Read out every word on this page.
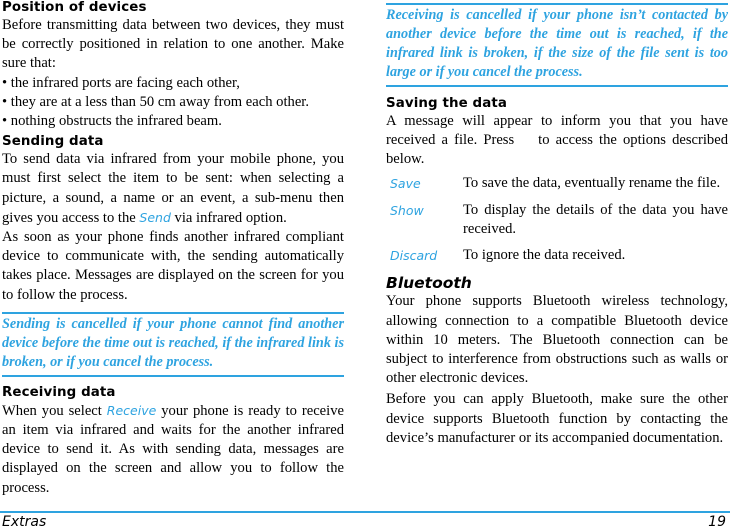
Position of devices

Before transmitting data between two devices, they must be correctly positioned in relation to one another. Make sure that:

• the infrared ports are facing each other,
• they are at a less than 50 cm away from each other.
• nothing obstructs the infrared beam.
Sending data

To send data via infrared from your mobile phone, you must first select the item to be sent: when selecting a picture, a sound, a name or an event, a sub-menu then gives you access to the Send via infrared option.

As soon as your phone finds another infrared compliant device to communicate with, the sending automatically takes place. Messages are displayed on the screen for you to follow the process.

Sending is cancelled if your phone cannot find another device before the time out is reached, if the infrared link is broken, or if you cancel the process.
Receiving data

When you select Receive your phone is ready to receive an item via infrared and waits for the another infrared device to send it. As with sending data, messages are displayed on the screen and allow you to follow the process.

Receiving is cancelled if your phone isn’t contacted by another device before the time out is reached, if the infrared link is broken, if the size of the file sent is too large or if you cancel the process.
Saving the data

A message will appear to inform you that you have received a file. Press to access the options described below.

Save	To save the data, eventually rename the file.
Show	To display the details of the data you have received.
Discard	To ignore the data received.
Bluetooth

Your phone supports Bluetooth wireless technology, allowing connection to a compatible Bluetooth device within 10 meters. The Bluetooth connection can be subject to interference from obstructions such as walls or other electronic devices.

Before you can apply Bluetooth, make sure the other device supports Bluetooth function by contacting the device’s manufacturer or its accompanied documentation.

Extras	19
